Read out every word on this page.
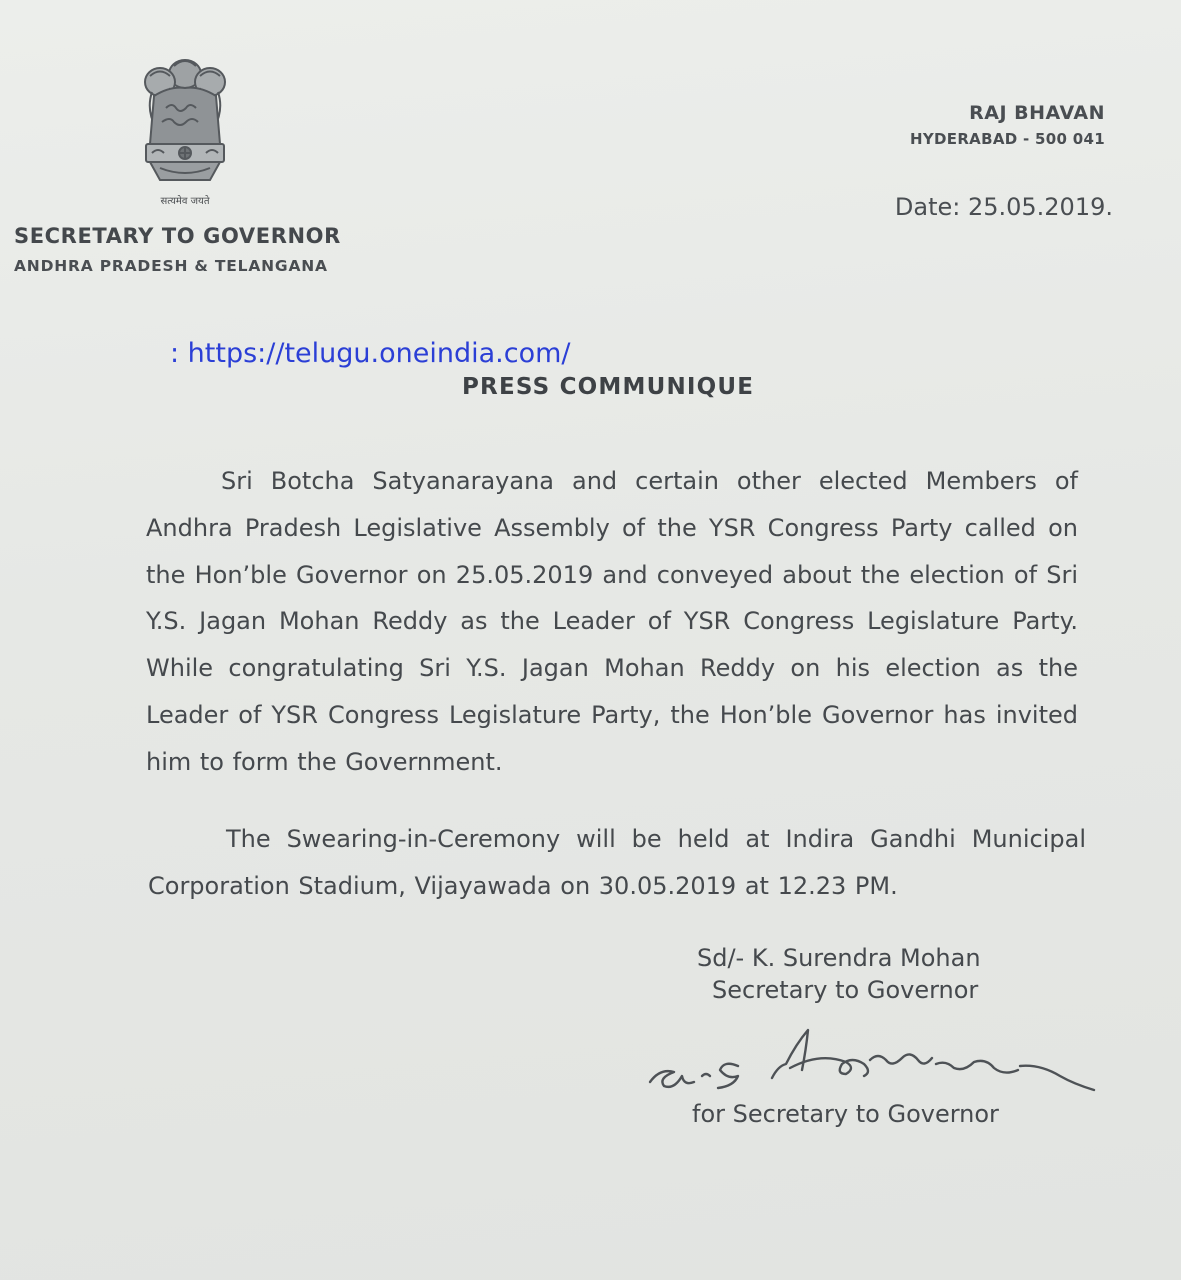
सत्यमेव जयते
SECRETARY TO GOVERNOR
ANDHRA PRADESH & TELANGANA
RAJ BHAVAN
HYDERABAD - 500 041
Date: 25.05.2019.
: https://telugu.oneindia.com/
PRESS COMMUNIQUE
Sri Botcha Satyanarayana and certain other elected Members of Andhra Pradesh Legislative Assembly of the YSR Congress Party called on the Hon’ble Governor on 25.05.2019 and conveyed about the election of Sri Y.S. Jagan Mohan Reddy as the Leader of YSR Congress Legislature Party. While congratulating Sri Y.S. Jagan Mohan Reddy on his election as the Leader of YSR Congress Legislature Party, the Hon’ble Governor has invited him to form the Government.
The Swearing-in-Ceremony will be held at Indira Gandhi Municipal Corporation Stadium, Vijayawada on 30.05.2019 at 12.23 PM.
Sd/- K. Surendra Mohan
Secretary to Governor
for Secretary to Governor
